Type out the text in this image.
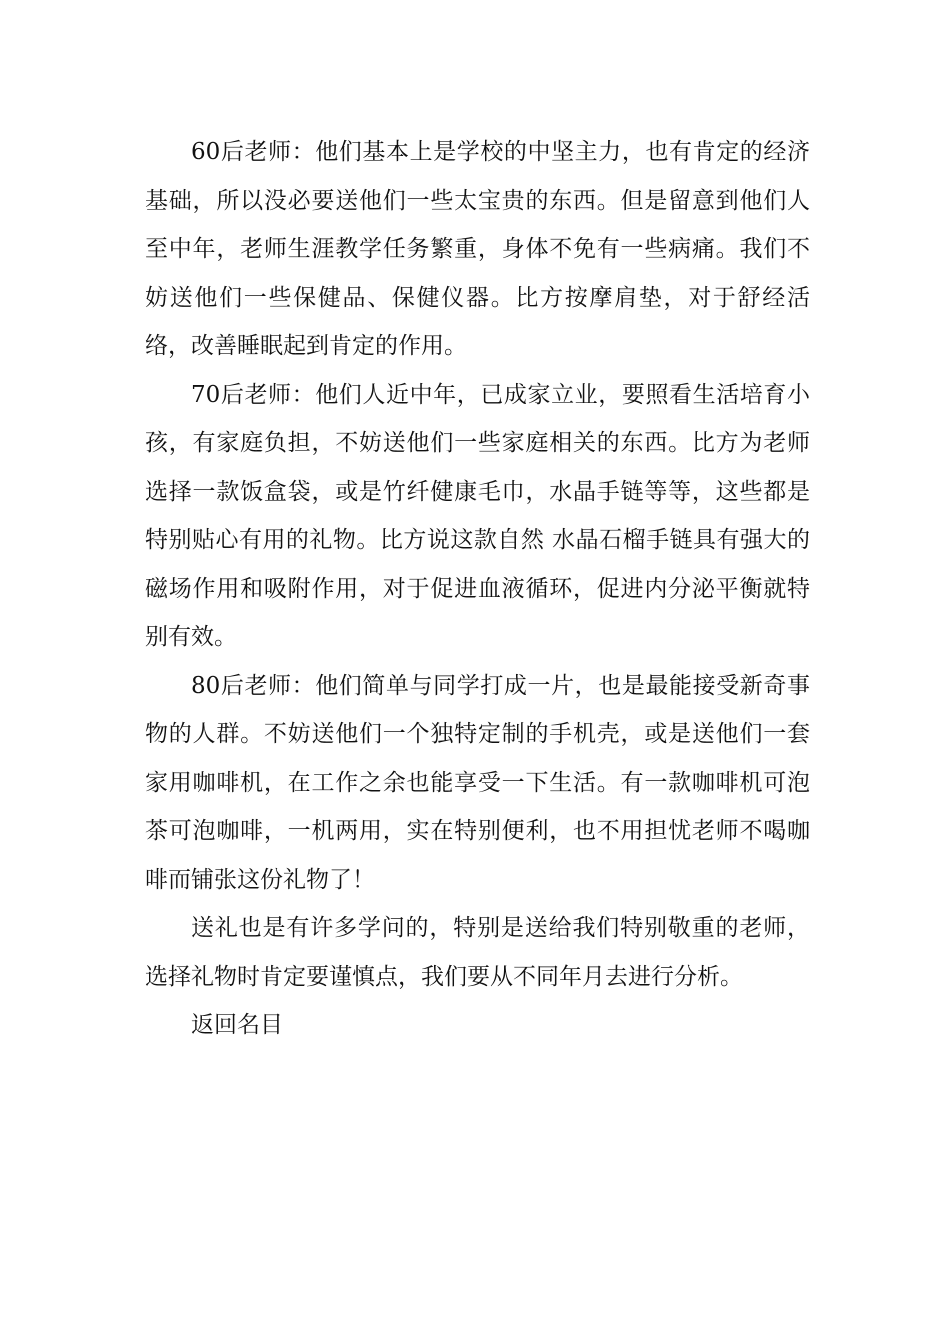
60后老师：他们基本上是学校的中坚主力，也有肯定的经济基础，所以没必要送他们一些太宝贵的东西。但是留意到他们人至中年，老师生涯教学任务繁重，身体不免有一些病痛。我们不妨送他们一些保健品、保健仪器。比方按摩肩垫，对于舒经活络，改善睡眠起到肯定的作用。

70后老师：他们人近中年，已成家立业，要照看生活培育小孩，有家庭负担，不妨送他们一些家庭相关的东西。比方为老师选择一款饭盒袋，或是竹纤健康毛巾，水晶手链等等，这些都是特别贴心有用的礼物。比方说这款自然 水晶石榴手链具有强大的磁场作用和吸附作用，对于促进血液循环，促进内分泌平衡就特别有效。

80后老师：他们简单与同学打成一片，也是最能接受新奇事物的人群。不妨送他们一个独特定制的手机壳，或是送他们一套家用咖啡机，在工作之余也能享受一下生活。有一款咖啡机可泡茶可泡咖啡，一机两用，实在特别便利，也不用担忧老师不喝咖啡而铺张这份礼物了！

送礼也是有许多学问的，特别是送给我们特别敬重的老师，选择礼物时肯定要谨慎点，我们要从不同年月去进行分析。

返回名目
